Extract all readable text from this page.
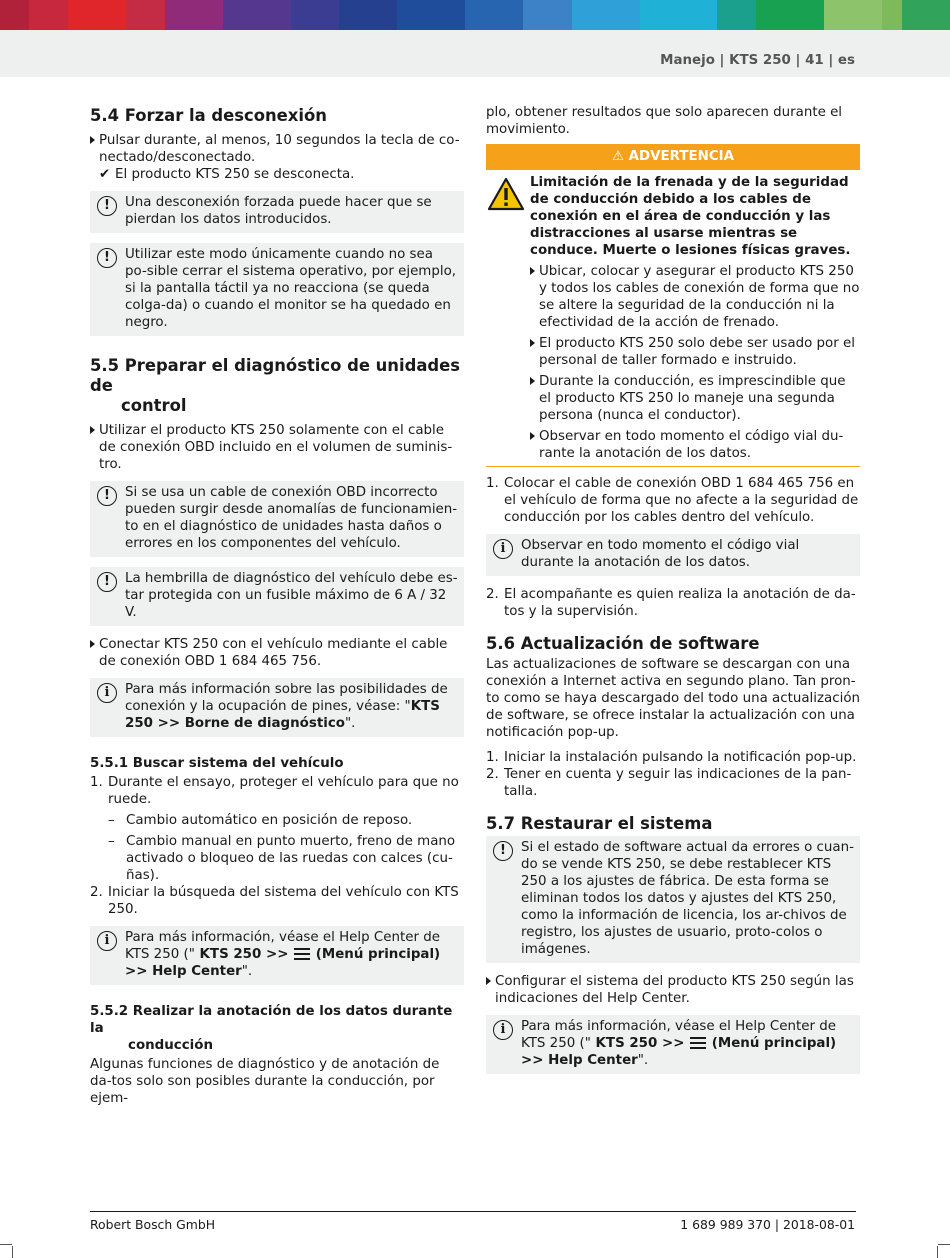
Manejo | KTS 250 | 41 | es
5.4 Forzar la desconexión

Pulsar durante, al menos, 10 segundos la tecla de co-nectado/desconectado.

✔ El producto KTS 250 se desconecta.

!	Una desconexión forzada puede hacer que se pierdan los datos introducidos.
!	Utilizar este modo únicamente cuando no sea po-sible cerrar el sistema operativo, por ejemplo, si la pantalla táctil ya no reacciona (se queda colga-da) o cuando el monitor se ha quedado en negro.
5.5 Preparar el diagnóstico de unidades de
control

Utilizar el producto KTS 250 solamente con el cable de conexión OBD incluido en el volumen de suminis-tro.

!	Si se usa un cable de conexión OBD incorrecto pueden surgir desde anomalías de funcionamien-to en el diagnóstico de unidades hasta daños o errores en los componentes del vehículo.
!	La hembrilla de diagnóstico del vehículo debe es-tar protegida con un fusible máximo de 6 A / 32 V.

Conectar KTS 250 con el vehículo mediante el cable de conexión OBD 1 684 465 756.

i	Para más información sobre las posibilidades de conexión y la ocupación de pines, véase: "KTS 250 >> Borne de diagnóstico".
5.5.1 Buscar sistema del vehículo

1. Durante el ensayo, proteger el vehículo para que no ruede.

– Cambio automático en posición de reposo.

– Cambio manual en punto muerto, freno de mano activado o bloqueo de las ruedas con calces (cu-ñas).

2. Iniciar la búsqueda del sistema del vehículo con KTS 250.

i	Para más información, véase el Help Center de KTS 250 (" KTS 250 >>  (Menú principal) >> Help Center".
5.5.2 Realizar la anotación de los datos durante la
conducción

Algunas funciones de diagnóstico y de anotación de da-tos solo son posibles durante la conducción, por ejem-

plo, obtener resultados que solo aparecen durante el movimiento.

⚠ ADVERTENCIA

Limitación de la frenada y de la seguridad de conducción debido a los cables de conexión en el área de conducción y las distracciones al usarse mientras se conduce. Muerte o lesiones físicas graves.

Ubicar, colocar y asegurar el producto KTS 250 y todos los cables de conexión de forma que no se altere la seguridad de la conducción ni la efectividad de la acción de frenado.

El producto KTS 250 solo debe ser usado por el personal de taller formado e instruido.

Durante la conducción, es imprescindible que el producto KTS 250 lo maneje una segunda persona (nunca el conductor).

Observar en todo momento el código vial du-rante la anotación de los datos.

1. Colocar el cable de conexión OBD 1 684 465 756 en el vehículo de forma que no afecte a la seguridad de conducción por los cables dentro del vehículo.

i	Observar en todo momento el código vial durante la anotación de los datos.

2. El acompañante es quien realiza la anotación de da-tos y la supervisión.

5.6 Actualización de software

Las actualizaciones de software se descargan con una conexión a Internet activa en segundo plano. Tan pron-to como se haya descargado del todo una actualización de software, se ofrece instalar la actualización con una notificación pop-up.

1. Iniciar la instalación pulsando la notificación pop-up.

2. Tener en cuenta y seguir las indicaciones de la pan-talla.

5.7 Restaurar el sistema
!	Si el estado de software actual da errores o cuan-do se vende KTS 250, se debe restablecer KTS 250 a los ajustes de fábrica. De esta forma se eliminan todos los datos y ajustes del KTS 250, como la información de licencia, los ar-chivos de registro, los ajustes de usuario, proto-colos o imágenes.

Configurar el sistema del producto KTS 250 según las indicaciones del Help Center.

i	Para más información, véase el Help Center de KTS 250 (" KTS 250 >>  (Menú principal) >> Help Center".
Robert Bosch GmbH	1 689 989 370 | 2018-08-01
